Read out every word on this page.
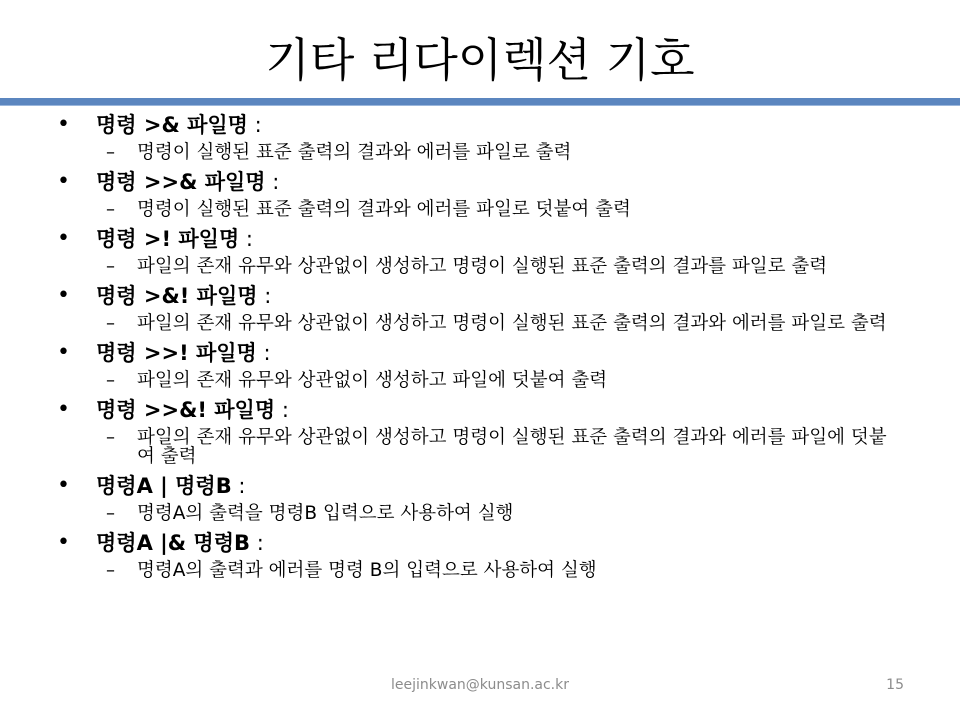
기타 리다이렉션 기호
• 명령 >& 파일명 :
– 명령이 실행된 표준 출력의 결과와 에러를 파일로 출력
• 명령 >>& 파일명 :
– 명령이 실행된 표준 출력의 결과와 에러를 파일로 덧붙여 출력
• 명령 >! 파일명 :
– 파일의 존재 유무와 상관없이 생성하고 명령이 실행된 표준 출력의 결과를 파일로 출력
• 명령 >&! 파일명 :
– 파일의 존재 유무와 상관없이 생성하고 명령이 실행된 표준 출력의 결과와 에러를 파일로 출력
• 명령 >>! 파일명 :
– 파일의 존재 유무와 상관없이 생성하고 파일에 덧붙여 출력
• 명령 >>&! 파일명 :
– 파일의 존재 유무와 상관없이 생성하고 명령이 실행된 표준 출력의 결과와 에러를 파일에 덧붙여 출력
• 명령A | 명령B :
– 명령A의 출력을 명령B 입력으로 사용하여 실행
• 명령A |& 명령B :
– 명령A의 출력과 에러를 명령 B의 입력으로 사용하여 실행
leejinkwan@kunsan.ac.kr	15
